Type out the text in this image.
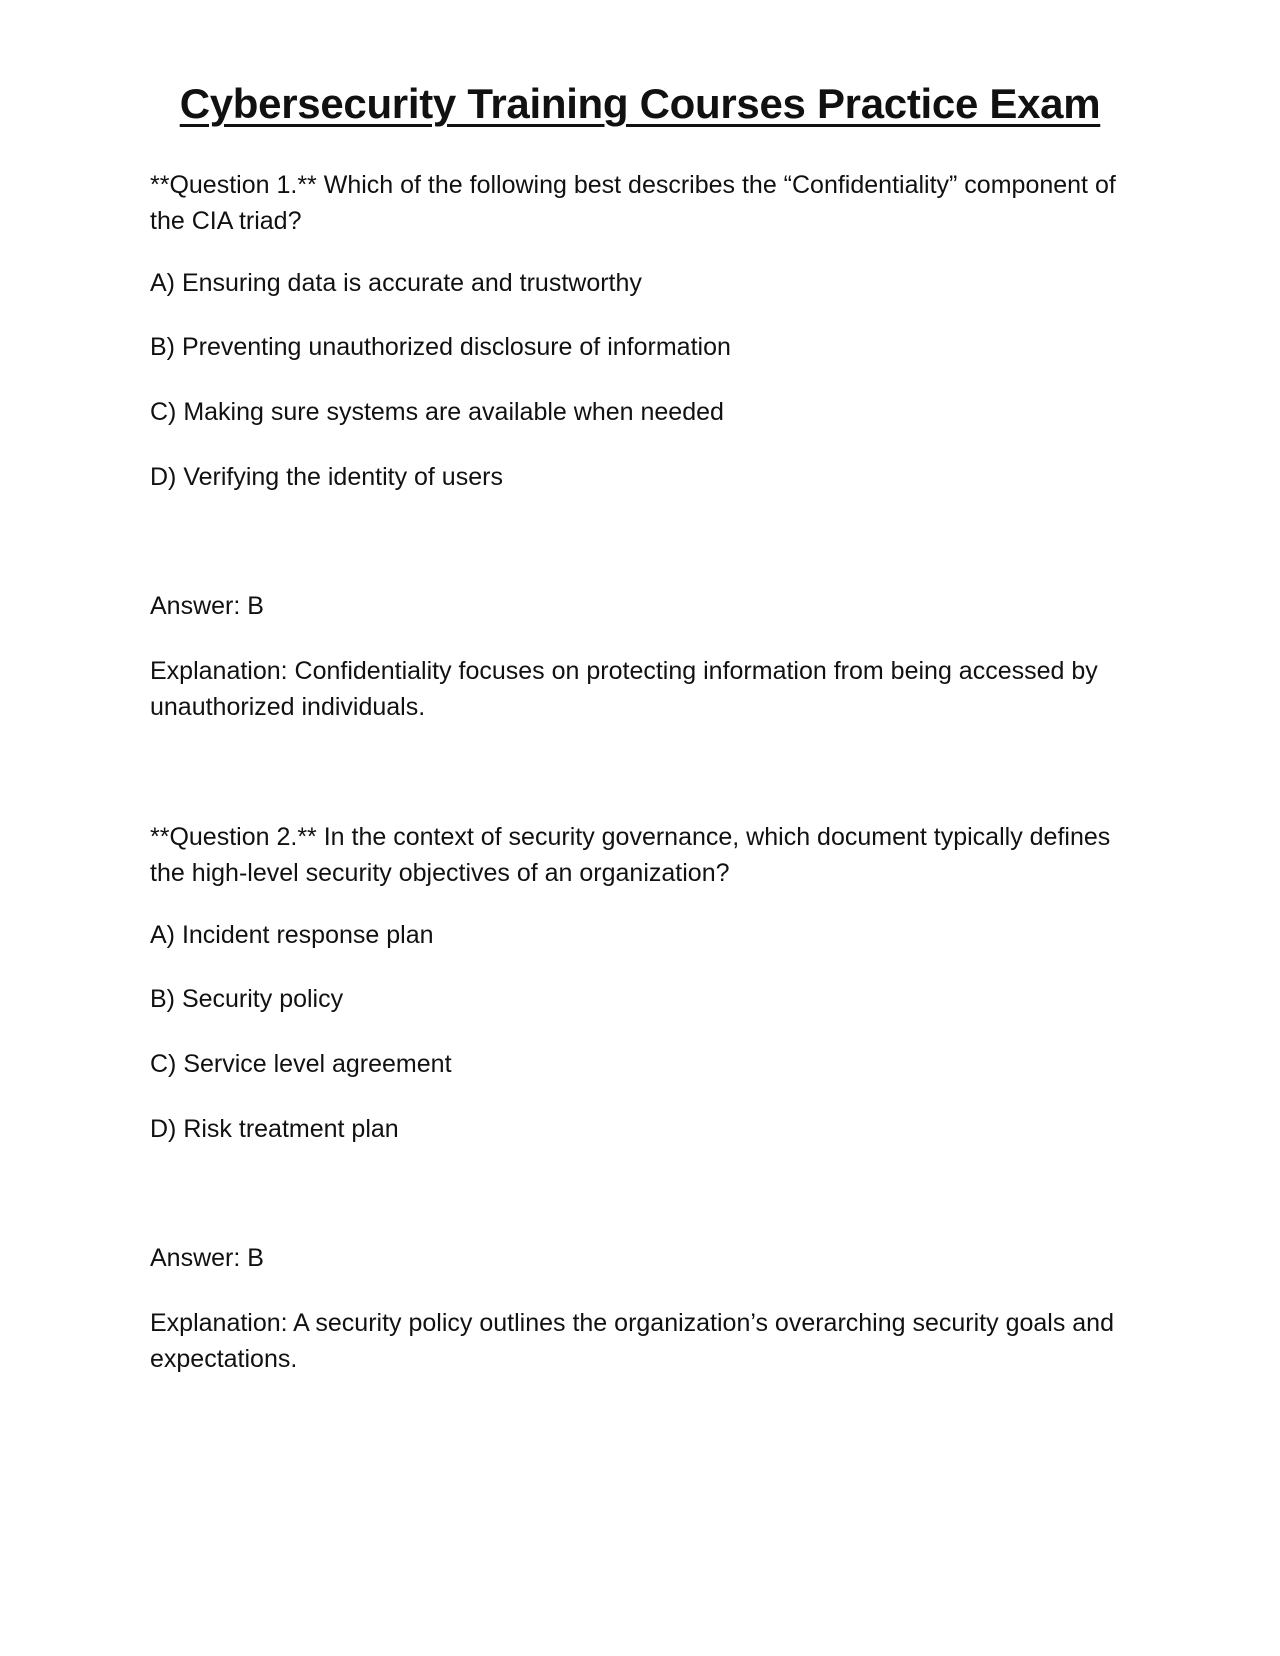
Cybersecurity Training Courses Practice Exam

**Question 1.** Which of the following best describes the “Confidentiality” component of the CIA triad?

A) Ensuring data is accurate and trustworthy

B) Preventing unauthorized disclosure of information

C) Making sure systems are available when needed

D) Verifying the identity of users

Answer: B

Explanation: Confidentiality focuses on protecting information from being accessed by unauthorized individuals.

**Question 2.** In the context of security governance, which document typically defines the high-level security objectives of an organization?

A) Incident response plan

B) Security policy

C) Service level agreement

D) Risk treatment plan

Answer: B

Explanation: A security policy outlines the organization’s overarching security goals and expectations.
